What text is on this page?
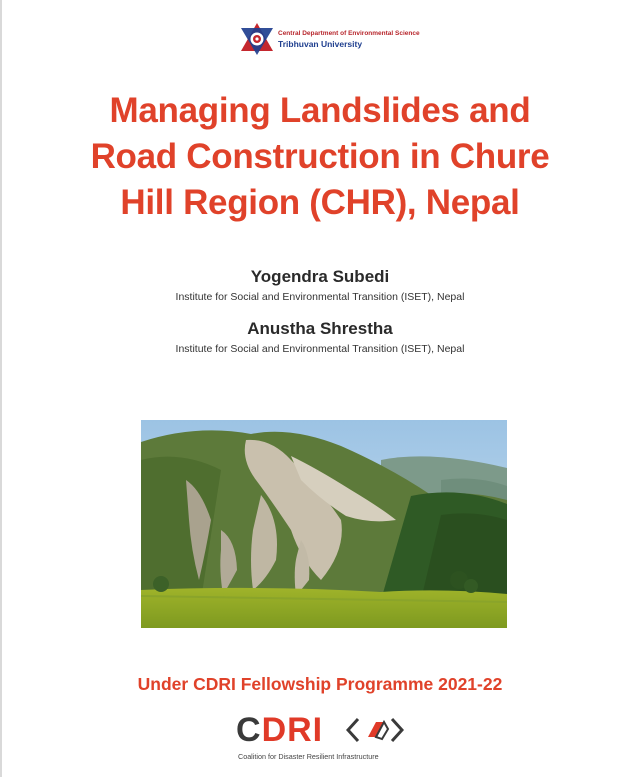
Central Department of Environmental Science
Tribhuvan University
Managing Landslides and
Road Construction in Chure
Hill Region (CHR), Nepal
Yogendra Subedi
Institute for Social and Environmental Transition (ISET), Nepal
Anustha Shrestha
Institute for Social and Environmental Transition (ISET), Nepal
Under CDRI Fellowship Programme 2021-22
CDRI
Coalition for Disaster Resilient Infrastructure
